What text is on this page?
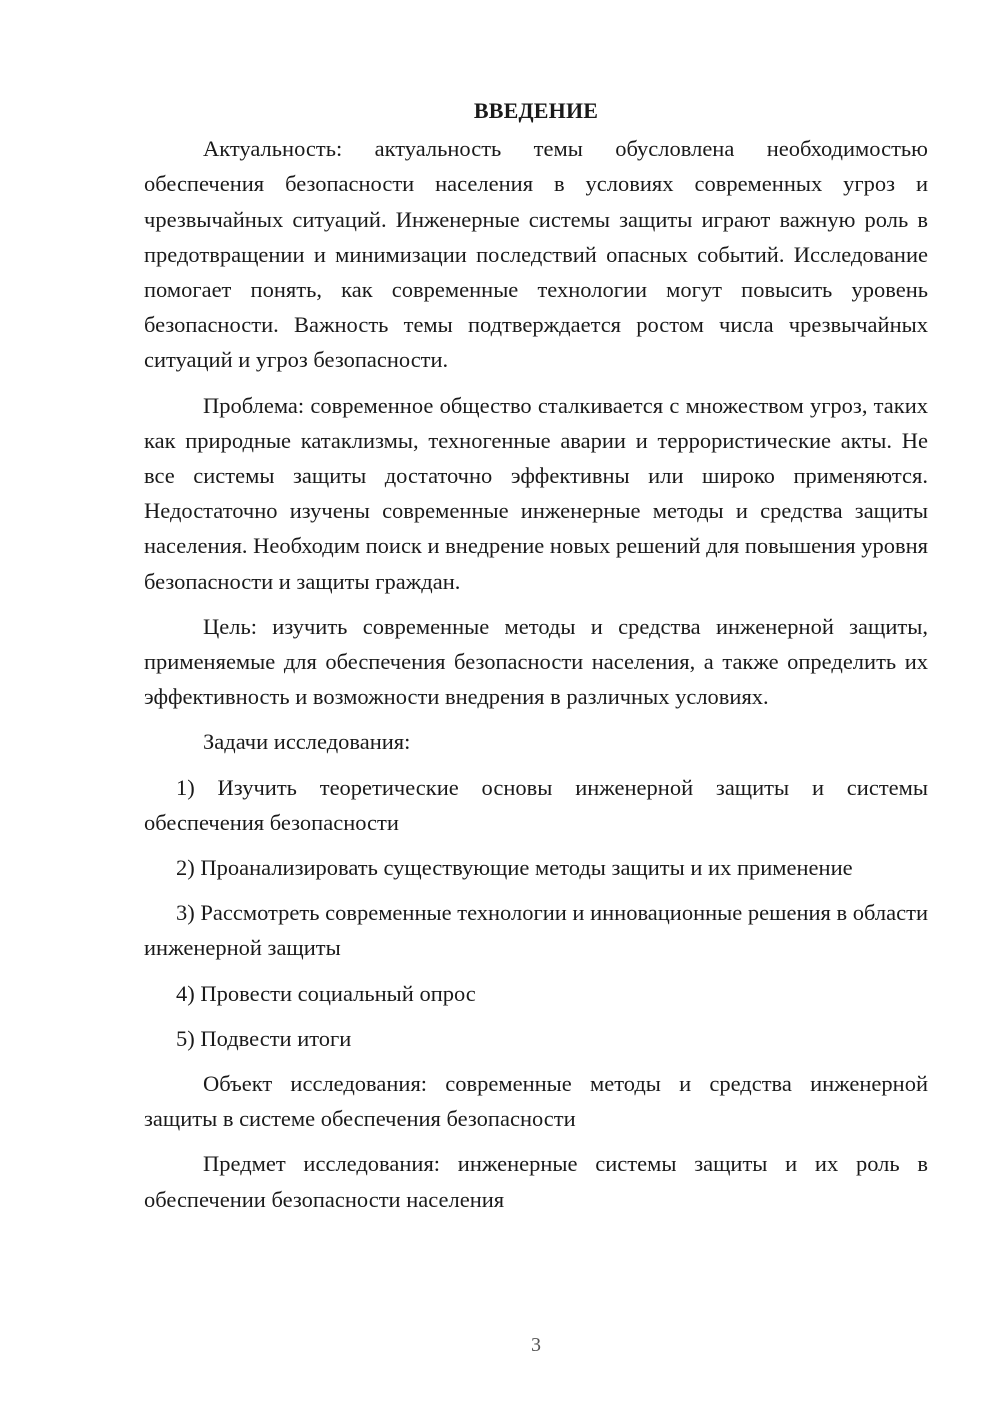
ВВЕДЕНИЕ

Актуальность: актуальность темы обусловлена необходимостью обеспечения безопасности населения в условиях современных угроз и чрезвычайных ситуаций. Инженерные системы защиты играют важную роль в предотвращении и минимизации последствий опасных событий. Исследование помогает понять, как современные технологии могут повысить уровень безопасности. Важность темы подтверждается ростом числа чрезвычайных ситуаций и угроз безопасности.

Проблема: современное общество сталкивается с множеством угроз, таких как природные катаклизмы, техногенные аварии и террористические акты. Не все системы защиты достаточно эффективны или широко применяются. Недостаточно изучены современные инженерные методы и средства защиты населения. Необходим поиск и внедрение новых решений для повышения уровня безопасности и защиты граждан.

Цель: изучить современные методы и средства инженерной защиты, применяемые для обеспечения безопасности населения, а также определить их эффективность и возможности внедрения в различных условиях.

Задачи исследования:

1) Изучить теоретические основы инженерной защиты и системы обеспечения безопасности

2) Проанализировать существующие методы защиты и их применение

3) Рассмотреть современные технологии и инновационные решения в области инженерной защиты

4) Провести социальный опрос

5) Подвести итоги

Объект исследования: современные методы и средства инженерной защиты в системе обеспечения безопасности

Предмет исследования: инженерные системы защиты и их роль в обеспечении безопасности населения

3
